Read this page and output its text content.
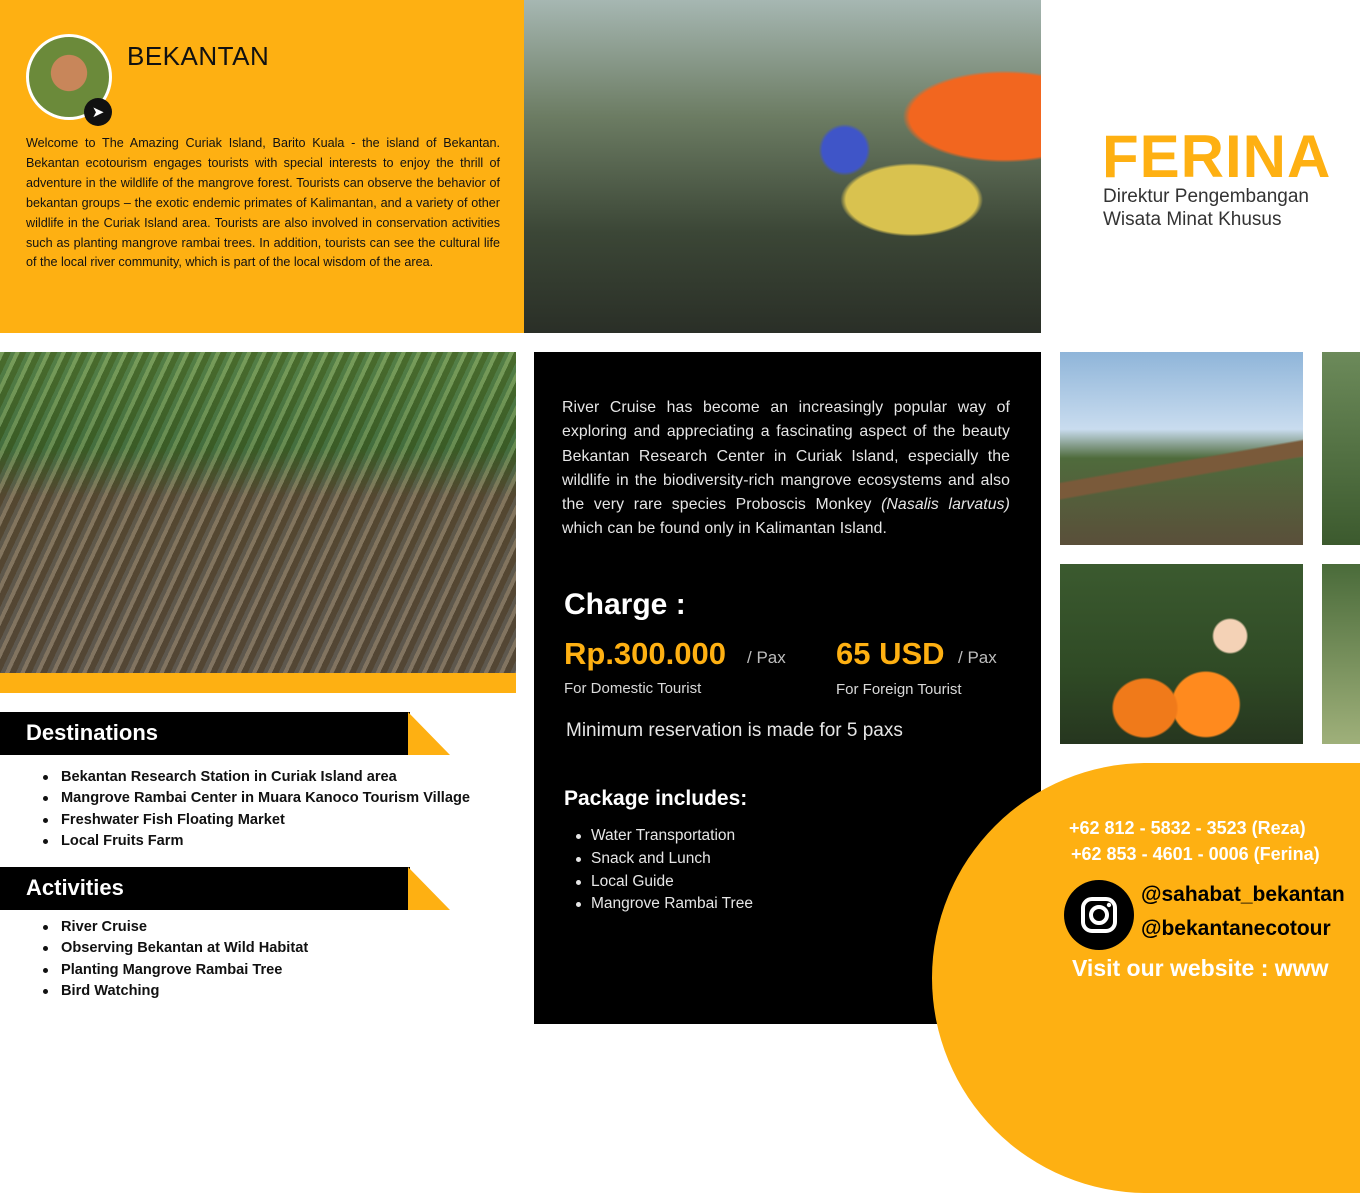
➤
BEKANTAN

Welcome to The Amazing Curiak Island, Barito Kuala - the island of Bekantan. Bekantan ecotourism engages tourists with special interests to enjoy the thrill of adventure in the wildlife of the mangrove forest. Tourists can observe the behavior of bekantan groups – the exotic endemic primates of Kalimantan, and a variety of other wildlife in the Curiak Island area. Tourists are also involved in conservation activities such as planting mangrove rambai trees. In addition, tourists can see the cultural life of the local river community, which is part of the local wisdom of the area.

FERINA
Direktur Pengembangan
Wisata Minat Khusus
Destinations
Bekantan Research Station in Curiak Island area
Mangrove Rambai Center in Muara Kanoco Tourism Village
Freshwater Fish Floating Market
Local Fruits Farm
Activities
River Cruise
Observing Bekantan at Wild Habitat
Planting Mangrove Rambai Tree
Bird Watching

River Cruise has become an increasingly popular way of exploring and appreciating a fascinating aspect of the beauty Bekantan Research Center in Curiak Island, especially the wildlife in the biodiversity-rich mangrove ecosystems and also the very rare species Proboscis Monkey (Nasalis larvatus) which can be found only in Kalimantan Island.

Charge :
Rp.300.000 / Pax
For Domestic Tourist
65 USD / Pax
For Foreign Tourist
Minimum reservation is made for 5 paxs
Package includes:
Water Transportation
Snack and Lunch
Local Guide
Mangrove Rambai Tree
+62 812 - 5832 - 3523 (Reza)
+62 853 - 4601 - 0006 (Ferina)
@sahabat_bekantan
@bekantanecotour
Visit our website : www
